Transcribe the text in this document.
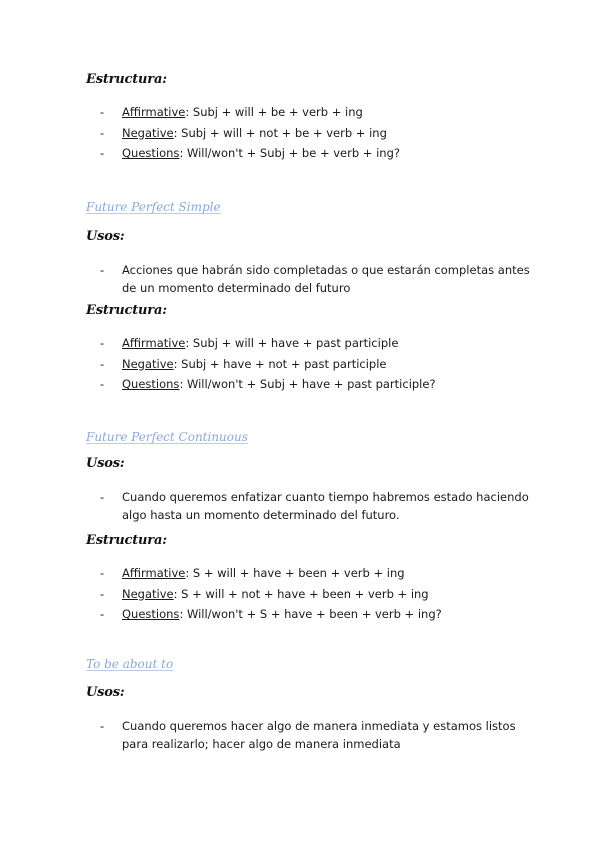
Estructura:
-	Affirmative: Subj + will + be + verb + ing
-	Negative: Subj + will + not + be + verb + ing
-	Questions: Will/won't + Subj + be + verb + ing?
Future Perfect Simple
Usos:
-	Acciones que habrán sido completadas o que estarán completas antes de un momento determinado del futuro
Estructura:
-	Affirmative: Subj + will + have + past participle
-	Negative: Subj + have + not + past participle
-	Questions: Will/won't + Subj + have + past participle?
Future Perfect Continuous
Usos:
-	Cuando queremos enfatizar cuanto tiempo habremos estado haciendo algo hasta un momento determinado del futuro.
Estructura:
-	Affirmative: S + will + have + been + verb + ing
-	Negative: S + will + not + have + been + verb + ing
-	Questions: Will/won't + S + have + been + verb + ing?
To be about to
Usos:
-	Cuando queremos hacer algo de manera inmediata y estamos listos para realizarlo; hacer algo de manera inmediata
